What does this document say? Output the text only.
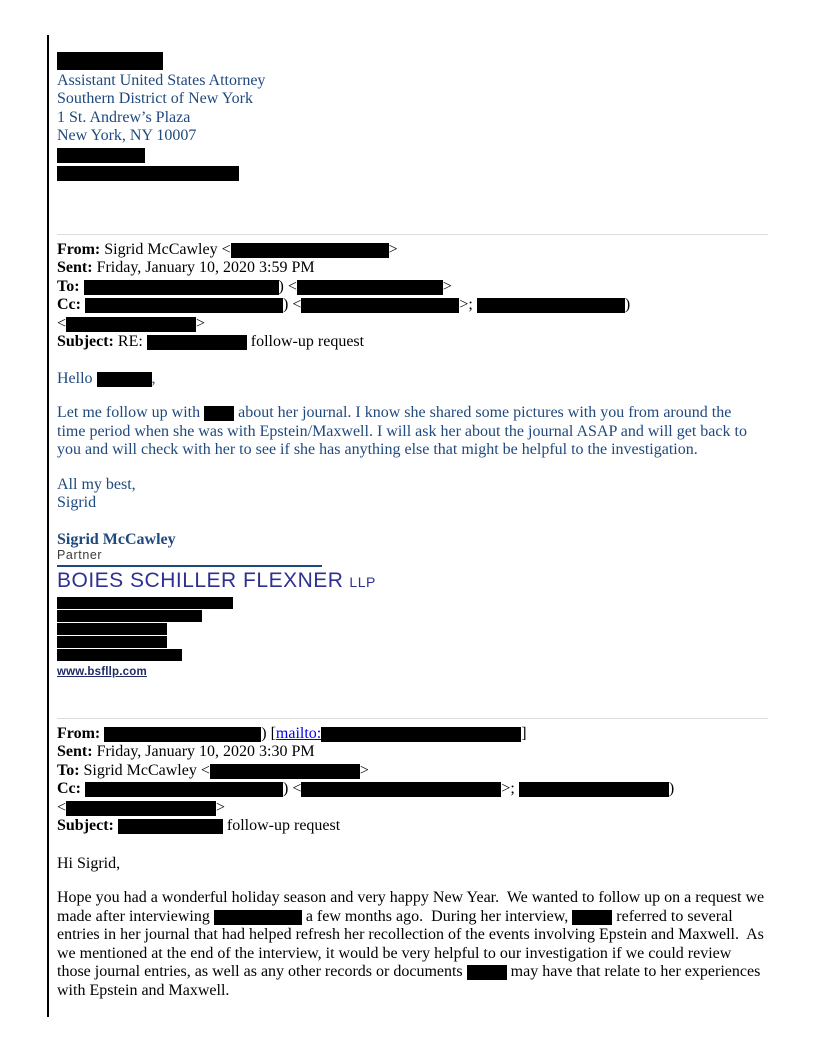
Assistant United States Attorney
Southern District of New York
1 St. Andrew’s Plaza
New York, NY 10007
From: Sigrid McCawley <	>
Sent: Friday, January 10, 2020 3:59 PM
To:	) <	>
Cc:	) <	>;	)
<	>
Subject: RE:	follow-up request
Hello	,
Let me follow up with  about her journal. I know she shared some pictures with you from around the
time period when she was with Epstein/Maxwell. I will ask her about the journal ASAP and will get back to
you and will check with her to see if she has anything else that might be helpful to the investigation.
All my best,
Sigrid
Sigrid McCawley
Partner
BOIES SCHILLER FLEXNER LLP
www.bsfllp.com
From:	) [mailto:	]
Sent: Friday, January 10, 2020 3:30 PM
To: Sigrid McCawley <	>
Cc:	) <	>;	)
<	>
Subject:	follow-up request
Hi Sigrid,
Hope you had a wonderful holiday season and very happy New Year.  We wanted to follow up on a request we
made after interviewing	a few months ago.  During her interview,	referred to several
entries in her journal that had helped refresh her recollection of the events involving Epstein and Maxwell.  As
we mentioned at the end of the interview, it would be very helpful to our investigation if we could review
those journal entries, as well as any other records or documents	may have that relate to her experiences
with Epstein and Maxwell.
